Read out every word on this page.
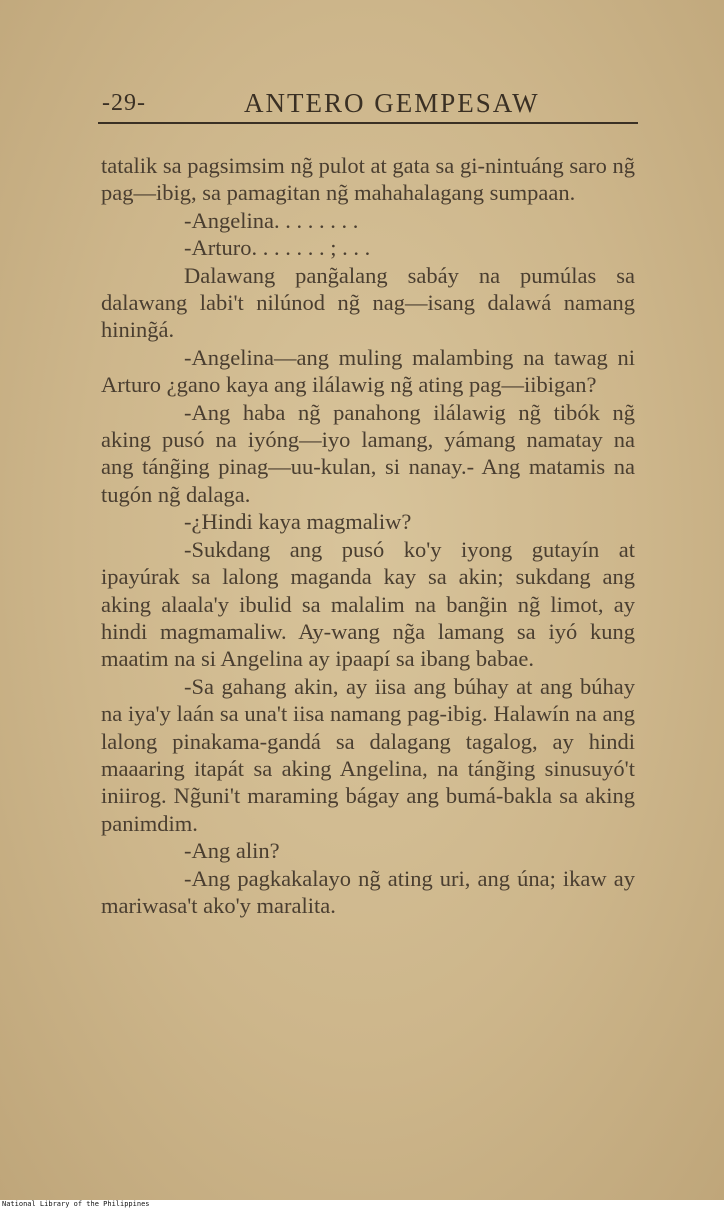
-29-	ANTERO GEMPESAW

tatalik sa pagsimsim ng̃ pulot at gata sa gi-nintuáng saro ng̃ pag—ibig, sa pamagitan ng̃ mahahalagang sumpaan.

-Angelina. . . . . . . .

-Arturo. . . . . . . ; . . .

Dalawang pang̃alang sabáy na pumúlas sa dalawang labi't nilúnod ng̃ nag—isang dalawá namang hining̃á.

-Angelina—ang muling malambing na tawag ni Arturo ¿gano kaya ang ilálawig ng̃ ating pag—iibigan?

-Ang haba ng̃ panahong ilálawig ng̃ tibók ng̃ aking pusó na iyóng—iyo lamang, yámang namatay na ang táng̃ing pinag—uu-kulan, si nanay.- Ang matamis na tugón ng̃ dalaga.

-¿Hindi kaya magmaliw?

-Sukdang ang pusó ko'y iyong gutayín at ipayúrak sa lalong maganda kay sa akin; sukdang ang aking alaala'y ibulid sa malalim na bang̃in ng̃ limot, ay hindi magmamaliw. Ay-wang ng̃a lamang sa iyó kung maatim na si Angelina ay ipaapí sa ibang babae.

-Sa gahang akin, ay iisa ang búhay at ang búhay na iya'y laán sa una't iisa namang pag-ibig. Halawín na ang lalong pinakama-gandá sa dalagang tagalog, ay hindi maaaring itapát sa aking Angelina, na táng̃ing sinusuyó't iniirog. Ng̃uni't maraming bágay ang bumá-bakla sa aking panimdim.

-Ang alin?

-Ang pagkakalayo ng̃ ating uri, ang úna; ikaw ay mariwasa't ako'y maralita.

National Library of the Philippines
